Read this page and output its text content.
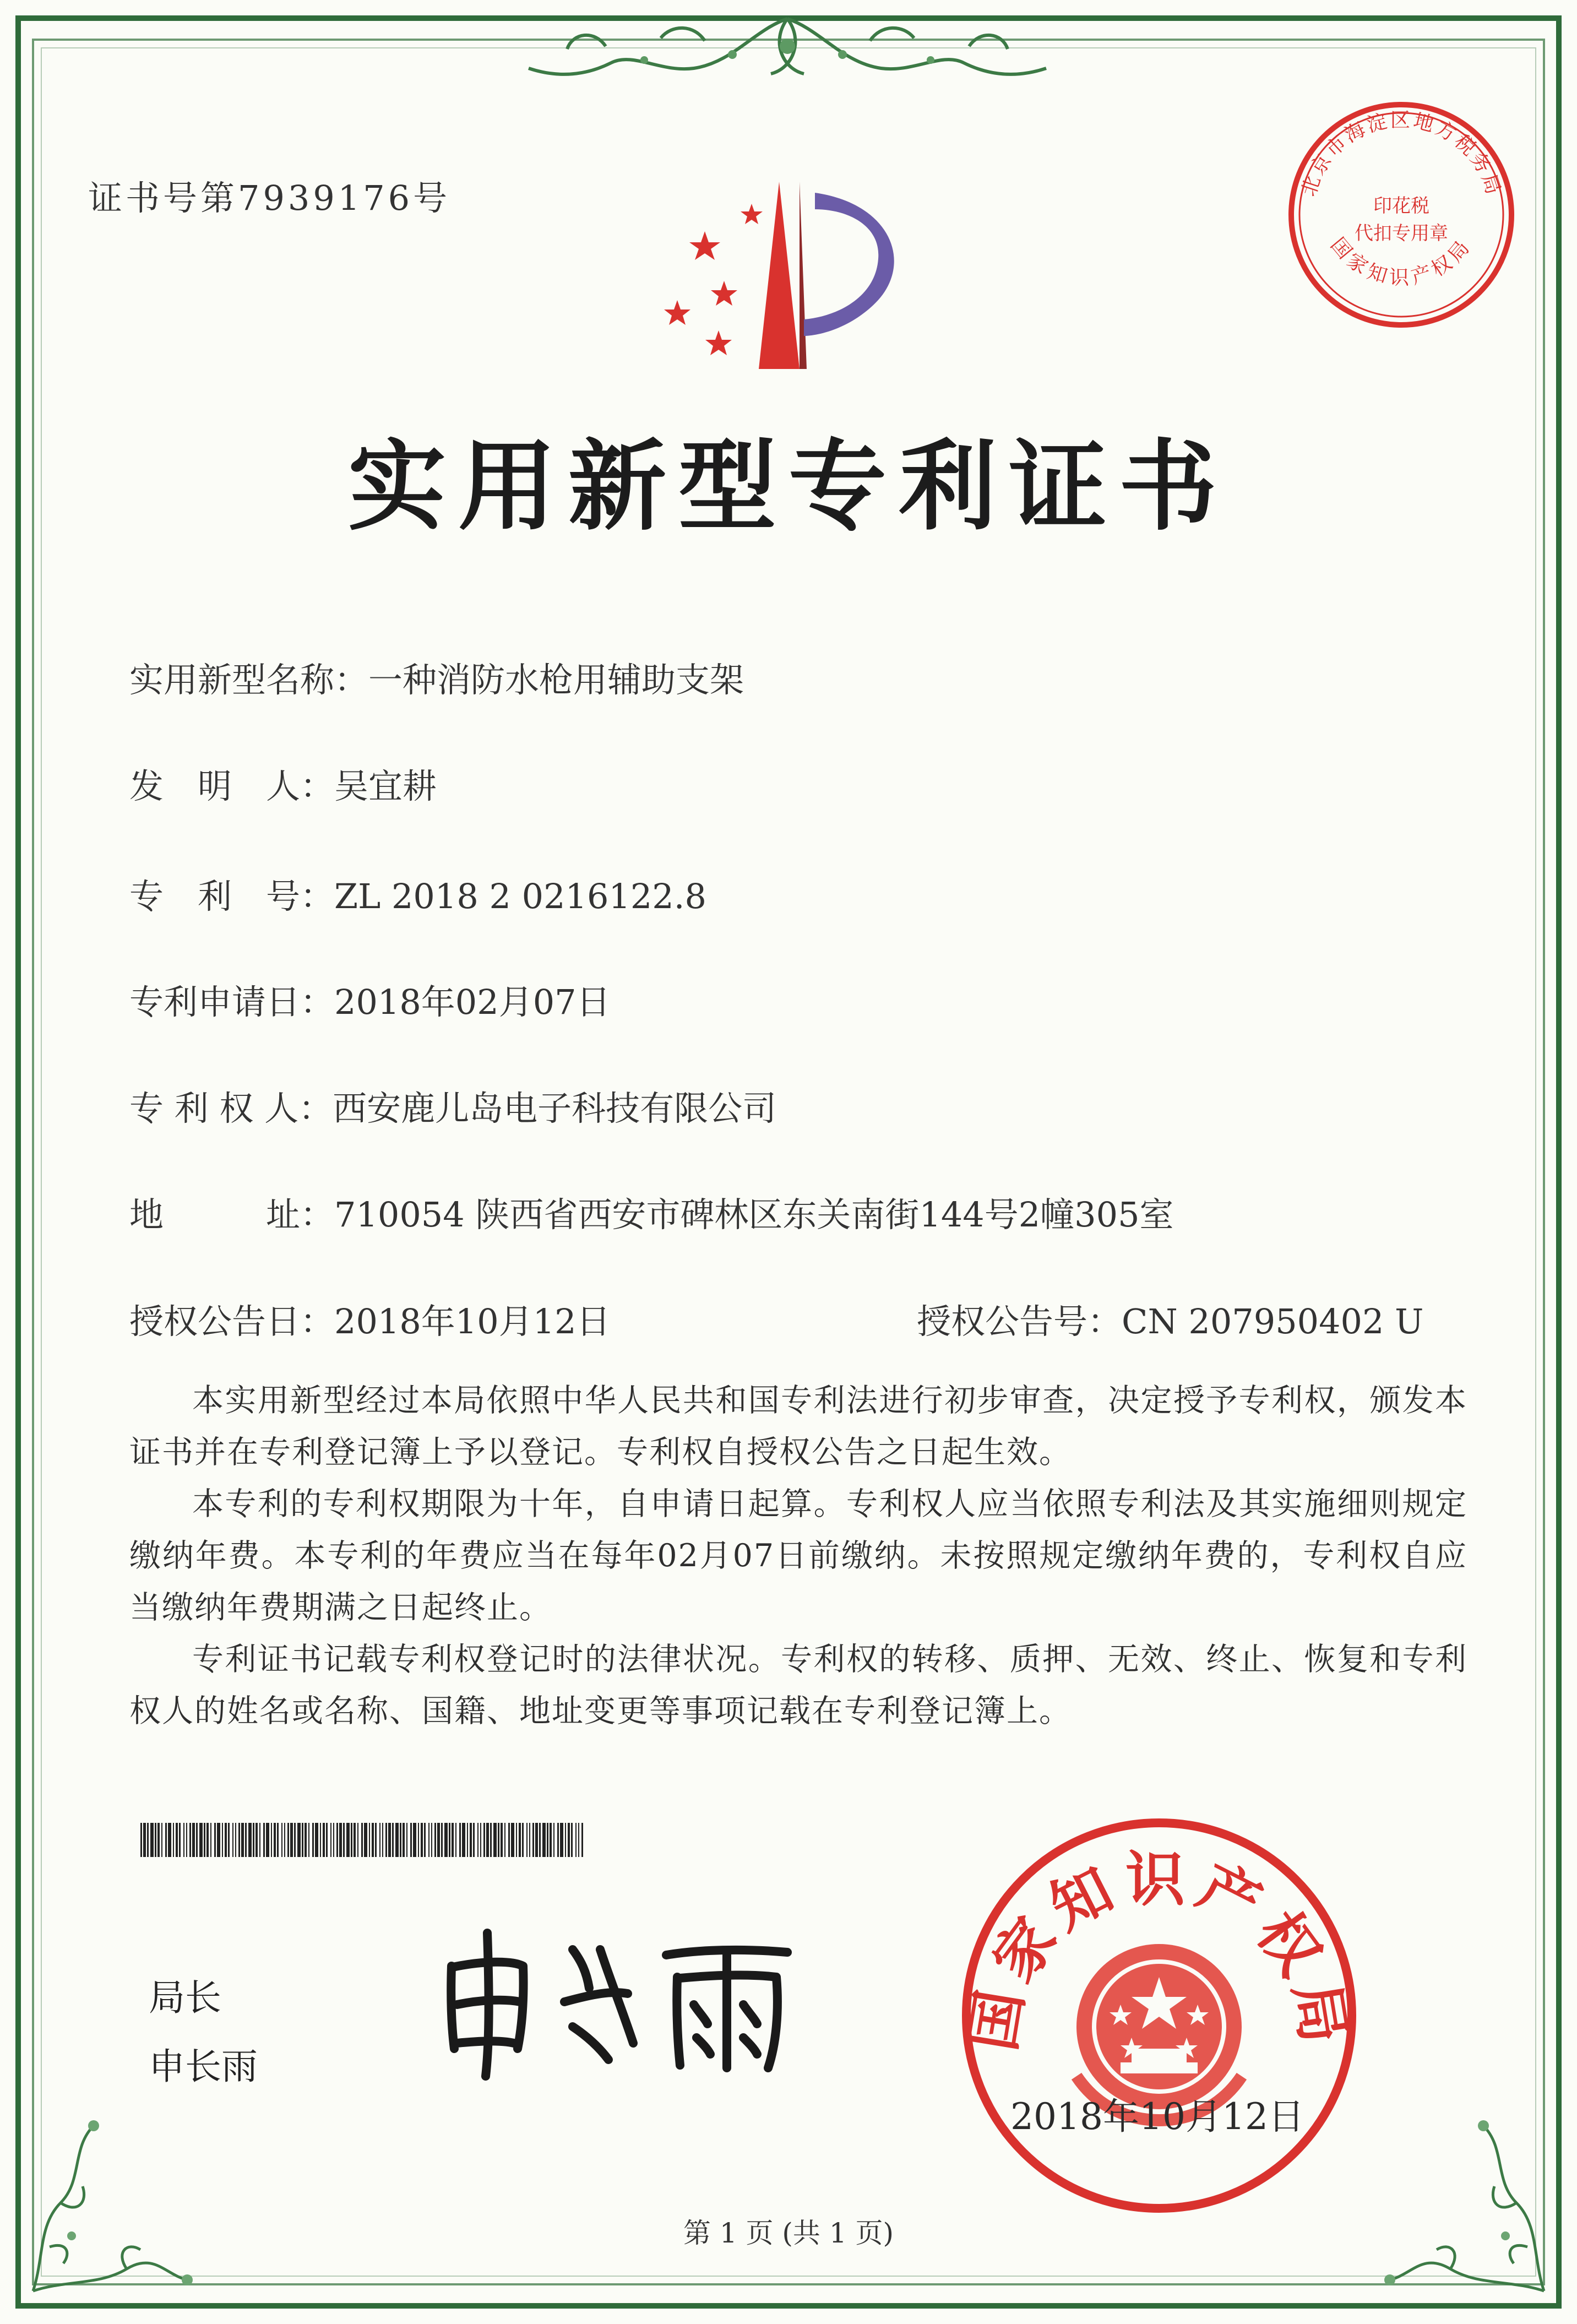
证书号第7939176号	北京市海淀区地方税务局
印花税
代扣专用章
国家知识产权局
实用新型专利证书
实用新型名称：一种消防水枪用辅助支架
发　明　人：吴宜耕
专　利　号：ZL 2018 2 0216122.8
专利申请日：2018年02月07日
专 利 权 人：西安鹿儿岛电子科技有限公司
地　　　址：710054 陕西省西安市碑林区东关南街144号2幢305室
授权公告日：2018年10月12日	授权公告号：CN 207950402 U

本实用新型经过本局依照中华人民共和国专利法进行初步审查，决定授予专利权，颁发本证书并在专利登记簿上予以登记。专利权自授权公告之日起生效。

本专利的专利权期限为十年，自申请日起算。专利权人应当依照专利法及其实施细则规定缴纳年费。本专利的年费应当在每年02月07日前缴纳。未按照规定缴纳年费的，专利权自应当缴纳年费期满之日起终止。

专利证书记载专利权登记时的法律状况。专利权的转移、质押、无效、终止、恢复和专利权人的姓名或名称、国籍、地址变更等事项记载在专利登记簿上。

局长
申长雨
国家知识产权局
2018年10月12日
第 1 页 (共 1 页)
